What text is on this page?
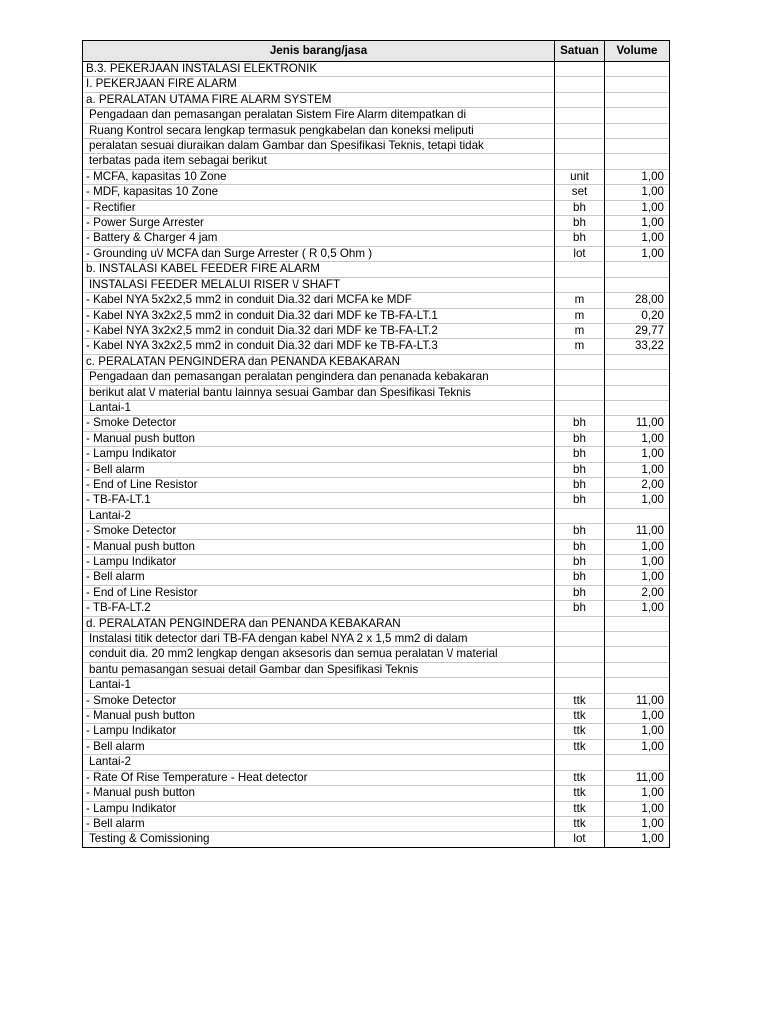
Jenis barang/jasa	Satuan	Volume
B.3. PEKERJAAN INSTALASI ELEKTRONIK		
I. PEKERJAAN FIRE ALARM		
a. PERALATAN UTAMA FIRE ALARM SYSTEM		
Pengadaan dan pemasangan peralatan Sistem Fire Alarm ditempatkan di		
Ruang Kontrol secara lengkap termasuk pengkabelan dan koneksi meliputi		
peralatan sesuai diuraikan dalam Gambar dan Spesifikasi Teknis, tetapi tidak		
terbatas pada item sebagai berikut		
- MCFA, kapasitas 10 Zone	unit	1,00
- MDF, kapasitas 10 Zone	set	1,00
- Rectifier	bh	1,00
- Power Surge Arrester	bh	1,00
- Battery & Charger 4 jam	bh	1,00
- Grounding u\/ MCFA dan Surge Arrester ( R 0,5 Ohm )	lot	1,00
b. INSTALASI KABEL FEEDER FIRE ALARM		
INSTALASI FEEDER MELALUI RISER \/ SHAFT		
- Kabel NYA 5x2x2,5 mm2 in conduit Dia.32 dari MCFA ke MDF	m	28,00
- Kabel NYA 3x2x2,5 mm2 in conduit Dia.32 dari MDF ke TB-FA-LT.1	m	0,20
- Kabel NYA 3x2x2,5 mm2 in conduit Dia.32 dari MDF ke TB-FA-LT.2	m	29,77
- Kabel NYA 3x2x2,5 mm2 in conduit Dia.32 dari MDF ke TB-FA-LT.3	m	33,22
c. PERALATAN PENGINDERA dan PENANDA KEBAKARAN		
Pengadaan dan pemasangan peralatan pengindera dan penanada kebakaran		
berikut alat \/ material bantu lainnya sesuai Gambar dan Spesifikasi Teknis		
Lantai-1		
- Smoke Detector	bh	11,00
- Manual push button	bh	1,00
- Lampu Indikator	bh	1,00
- Bell alarm	bh	1,00
- End of Line Resistor	bh	2,00
- TB-FA-LT.1	bh	1,00
Lantai-2		
- Smoke Detector	bh	11,00
- Manual push button	bh	1,00
- Lampu Indikator	bh	1,00
- Bell alarm	bh	1,00
- End of Line Resistor	bh	2,00
- TB-FA-LT.2	bh	1,00
d. PERALATAN PENGINDERA dan PENANDA KEBAKARAN		
Instalasi titik detector dari TB-FA dengan kabel NYA 2 x 1,5 mm2 di dalam		
conduit dia. 20 mm2 lengkap dengan aksesoris dan semua peralatan \/ material		
bantu pemasangan sesuai detail Gambar dan Spesifikasi Teknis		
Lantai-1		
- Smoke Detector	ttk	11,00
- Manual push button	ttk	1,00
- Lampu Indikator	ttk	1,00
- Bell alarm	ttk	1,00
Lantai-2		
- Rate Of Rise Temperature - Heat detector	ttk	11,00
- Manual push button	ttk	1,00
- Lampu Indikator	ttk	1,00
- Bell alarm	ttk	1,00
Testing & Comissioning	lot	1,00
